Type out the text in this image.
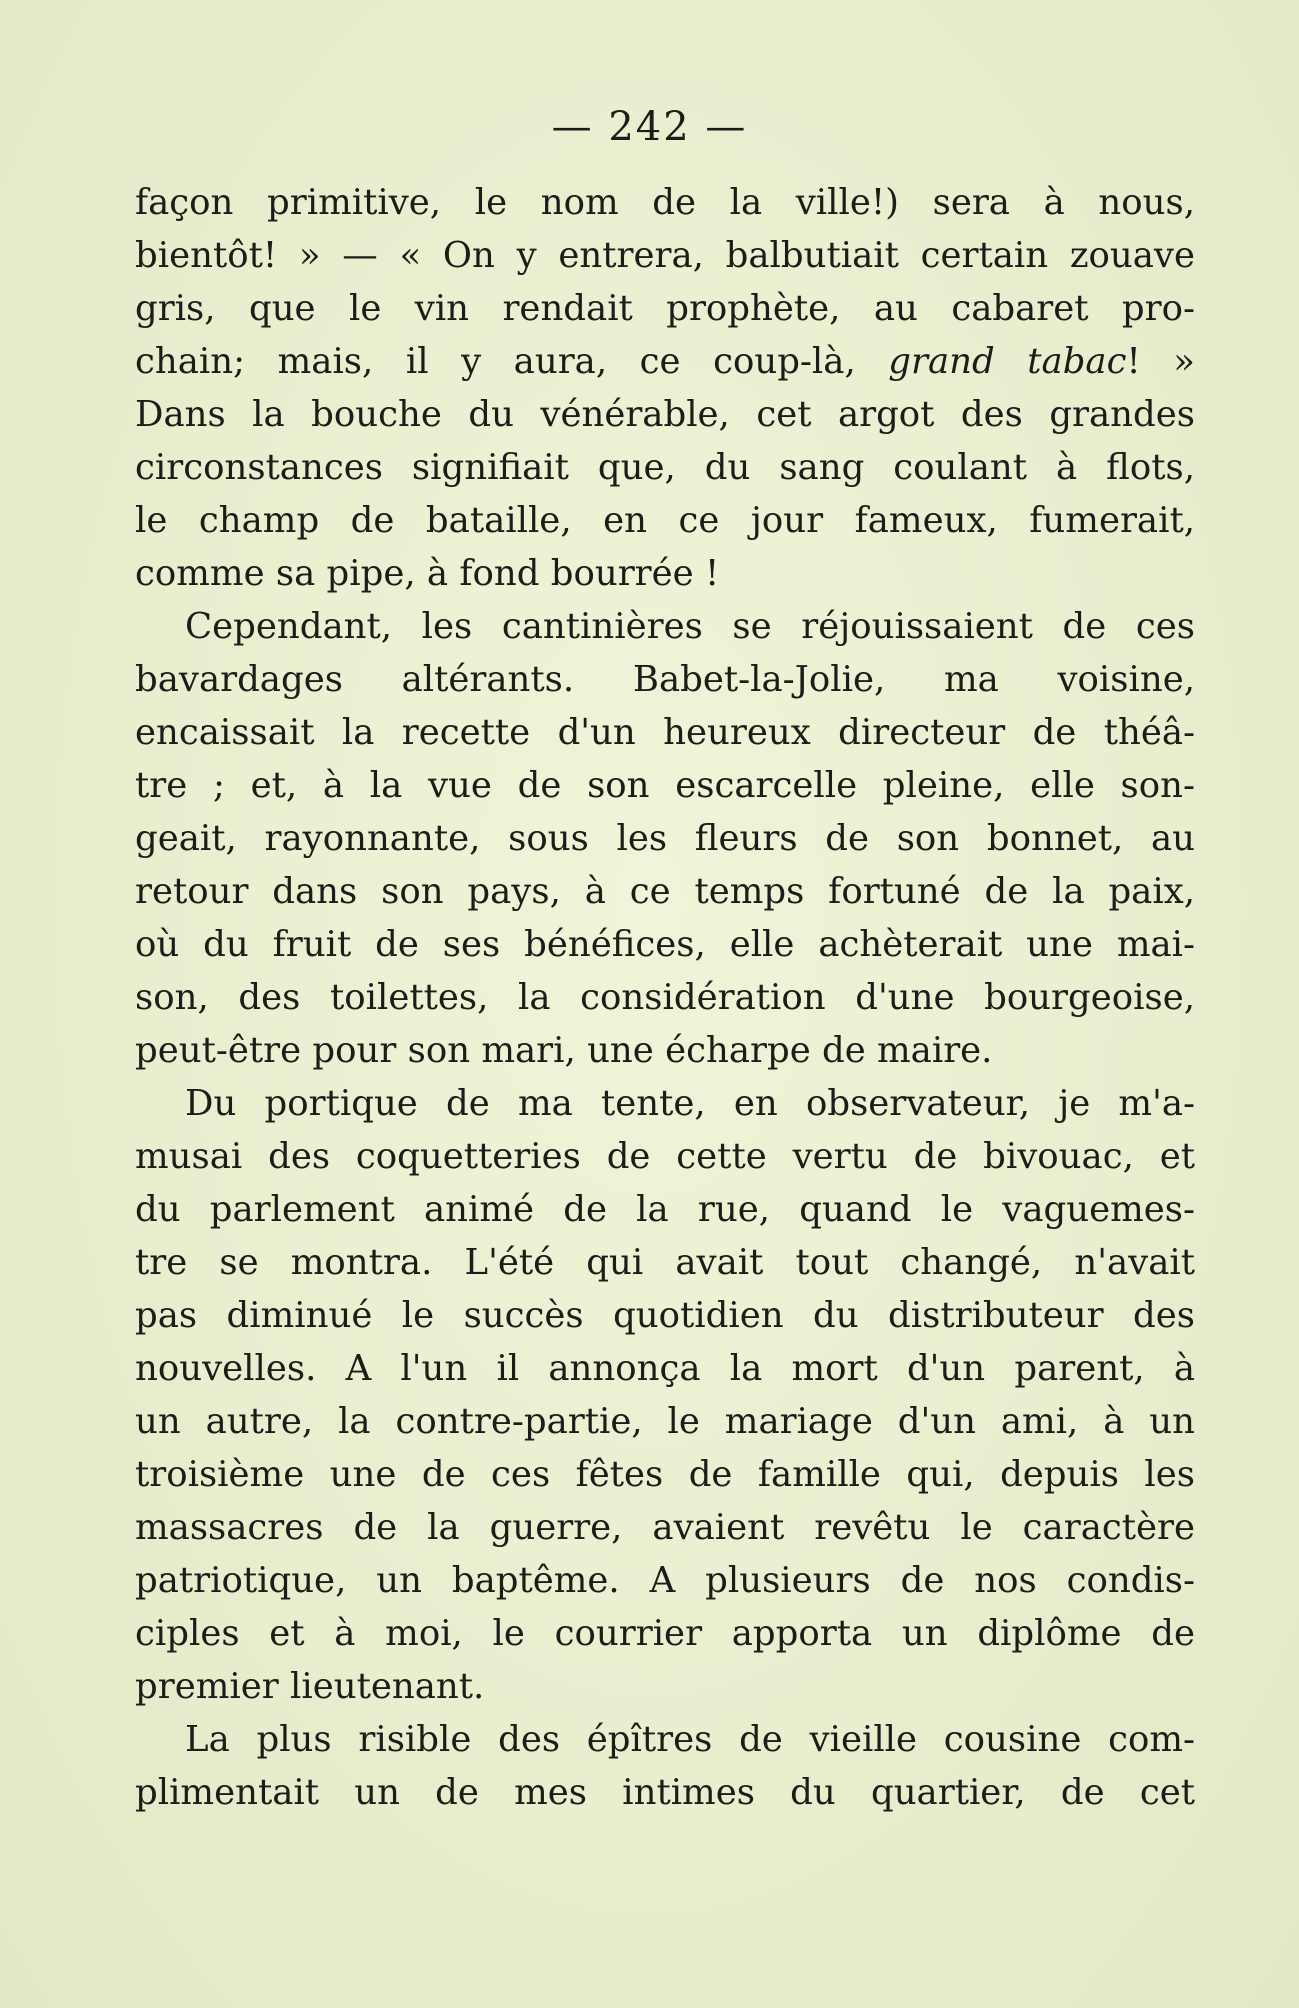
— 242 —
façon primitive, le nom de la ville!) sera à nous,
bientôt! » — « On y entrera, balbutiait certain zouave
gris, que le vin rendait prophète, au cabaret pro-
chain; mais, il y aura, ce coup-là, grand tabac! »
Dans la bouche du vénérable, cet argot des grandes
circonstances signifiait que, du sang coulant à flots,
le champ de bataille, en ce jour fameux, fumerait,
comme sa pipe, à fond bourrée !
Cependant, les cantinières se réjouissaient de ces
bavardages altérants. Babet-la-Jolie, ma voisine,
encaissait la recette d'un heureux directeur de théâ-
tre ; et, à la vue de son escarcelle pleine, elle son-
geait, rayonnante, sous les fleurs de son bonnet, au
retour dans son pays, à ce temps fortuné de la paix,
où du fruit de ses bénéfices, elle achèterait une mai-
son, des toilettes, la considération d'une bourgeoise,
peut-être pour son mari, une écharpe de maire.
Du portique de ma tente, en observateur, je m'a-
musai des coquetteries de cette vertu de bivouac, et
du parlement animé de la rue, quand le vaguemes-
tre se montra. L'été qui avait tout changé, n'avait
pas diminué le succès quotidien du distributeur des
nouvelles. A l'un il annonça la mort d'un parent, à
un autre, la contre-partie, le mariage d'un ami, à un
troisième une de ces fêtes de famille qui, depuis les
massacres de la guerre, avaient revêtu le caractère
patriotique, un baptême. A plusieurs de nos condis-
ciples et à moi, le courrier apporta un diplôme de
premier lieutenant.
La plus risible des épîtres de vieille cousine com-
plimentait un de mes intimes du quartier, de cet
